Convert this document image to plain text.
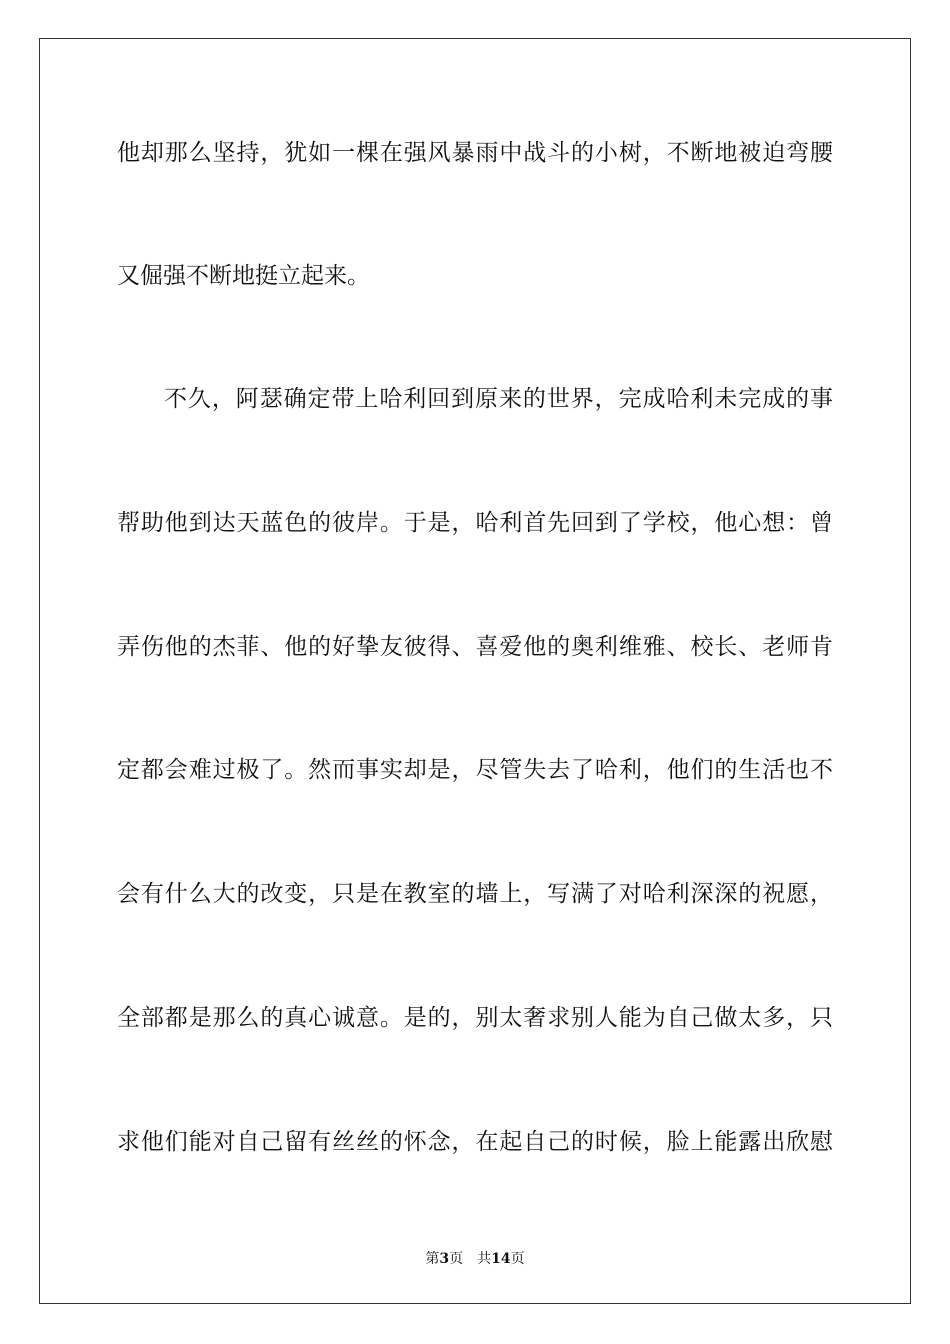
他却那么坚持，犹如一棵在强风暴雨中战斗的小树，不断地被迫弯腰
又倔强不断地挺立起来。
不久，阿瑟确定带上哈利回到原来的世界，完成哈利未完成的事
帮助他到达天蓝色的彼岸。于是，哈利首先回到了学校，他心想：曾
弄伤他的杰菲、他的好挚友彼得、喜爱他的奥利维雅、校长、老师肯
定都会难过极了。然而事实却是，尽管失去了哈利，他们的生活也不
会有什么大的改变，只是在教室的墙上，写满了对哈利深深的祝愿，
全部都是那么的真心诚意。是的，别太奢求别人能为自己做太多，只
求他们能对自己留有丝丝的怀念，在起自己的时候，脸上能露出欣慰
第3页 共14页
